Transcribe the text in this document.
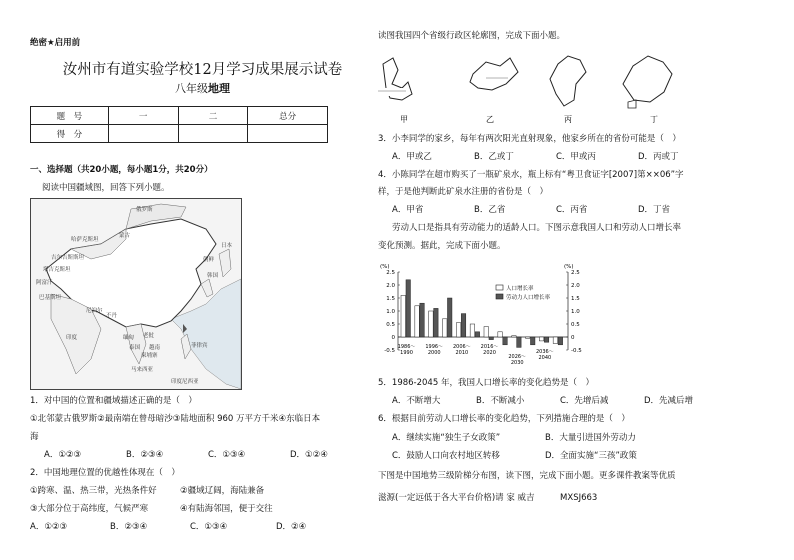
绝密★启用前
汝州市有道实验学校12月学习成果展示试卷
八年级地理
题　号	一	二	总分
得　分			
一、选择题（共20小题，每小题1分，共20分）
阅读中国疆域图，回答下列小题。
俄罗斯
蒙古
哈萨克斯坦
吉尔吉斯斯坦
塔吉克斯坦
阿富汗
巴基斯坦
印度
尼泊尔
不丹
缅甸 老挝
越南	菲律宾
日本
朝鲜
韩国
马来西亚
印度尼西亚
泰国
柬埔寨
1．对中国的位置和疆域描述正确的是（　）
①北邻蒙古俄罗斯②最南端在曾母暗沙③陆地面积 960 万平方千米④东临日本
海
A．①②③	B．②③④	C．①③④	D．①②④
2．中国地理位置的优越性体现在（　）
①跨寒、温、热三带，光热条件好	②疆域辽阔，海陆兼备
③大部分位于高纬度，气候严寒	④有陆海邻国，便于交往
A．①②③	B．②③④	C．①③④	D．②④
读图我国四个省级行政区轮廓图，完成下面小题。
甲	乙	丙	丁
3．小李同学的家乡，每年有两次阳光直射现象，他家乡所在的省份可能是（　）
A．甲或乙	B．乙或丁	C．甲或丙	D．丙或丁
4．小陈同学在超市购买了一瓶矿泉水，瓶上标有“粤卫食证字[2007]第××06”字
样，于是他判断此矿泉水注册的省份是（　）
A．甲省	B．乙省	C．丙省	D．丁省
劳动人口是指具有劳动能力的适龄人口。下图示意我国人口和劳动人口增长率
变化预测。据此，完成下面小题。
(%)	(%)
2.5
2.0
1.5
1.0
0.5
0
-0.5
2.5
2.0
1.5
1.0
0.5
0
-0.5
1986～
1990
1996～
2000
2006～
2010
2016～
2020
2026～
2030
2036～
2040
人口增长率
劳动力人口增长率
5．1986-2045 年，我国人口增长率的变化趋势是（　）
A．不断增大	B．不断减小	C．先增后减	D．先减后增
6．根据目前劳动人口增长率的变化趋势，下列措施合理的是（　）
A．继续实施“独生子女政策”	B．大量引进国外劳动力
C．鼓励人口向农村地区转移	D．全面实施“三孩”政策
下图是中国地势三级阶梯分布图，读下图，完成下面小题。更多课件教案等优质
滋源(一定远低于各大平台价格)请 家 威吉　　　MXSJ663
